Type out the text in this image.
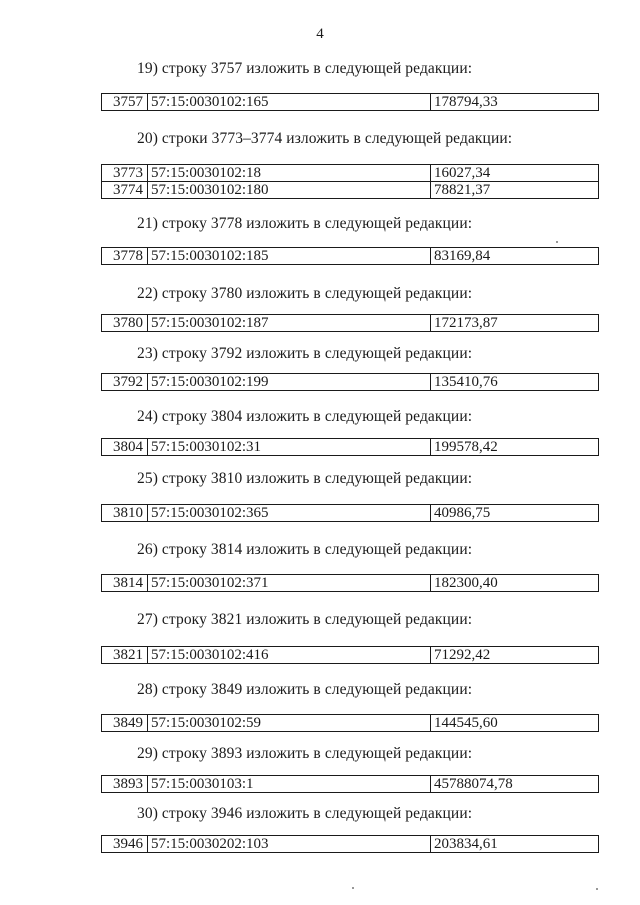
4
19) строку 3757 изложить в следующей редакции:
3757	57:15:0030102:165	178794,33
20) строки 3773–3774 изложить в следующей редакции:
3773	57:15:0030102:18	16027,34
3774	57:15:0030102:180	78821,37
21) строку 3778 изложить в следующей редакции:
3778	57:15:0030102:185	83169,84
22) строку 3780 изложить в следующей редакции:
3780	57:15:0030102:187	172173,87
23) строку 3792 изложить в следующей редакции:
3792	57:15:0030102:199	135410,76
24) строку 3804 изложить в следующей редакции:
3804	57:15:0030102:31	199578,42
25) строку 3810 изложить в следующей редакции:
3810	57:15:0030102:365	40986,75
26) строку 3814 изложить в следующей редакции:
3814	57:15:0030102:371	182300,40
27) строку 3821 изложить в следующей редакции:
3821	57:15:0030102:416	71292,42
28) строку 3849 изложить в следующей редакции:
3849	57:15:0030102:59	144545,60
29) строку 3893 изложить в следующей редакции:
3893	57:15:0030103:1	45788074,78
30) строку 3946 изложить в следующей редакции:
3946	57:15:0030202:103	203834,61
